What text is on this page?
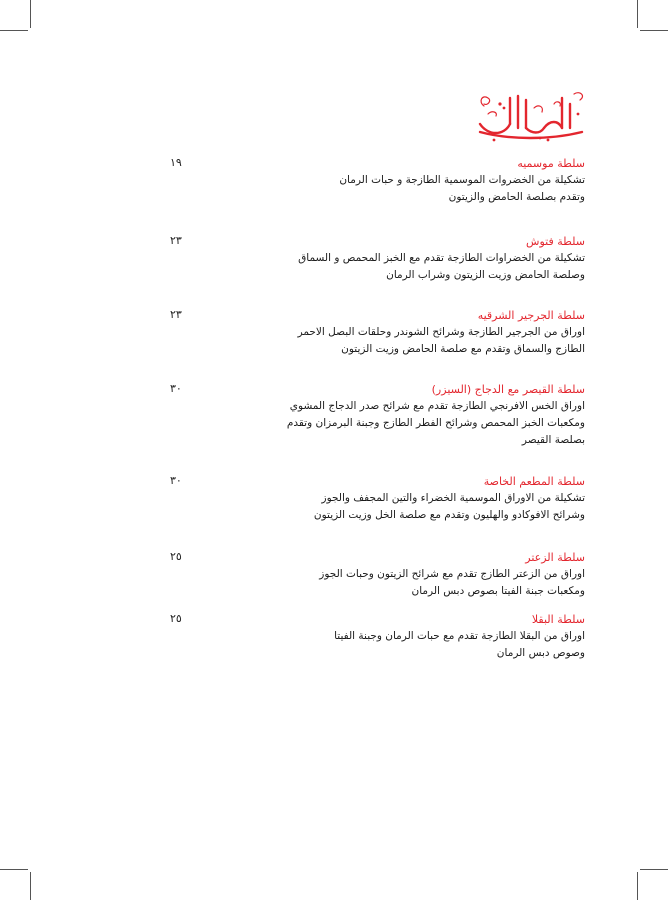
١٩	سلطة موسميه
تشكيلة من الخضروات الموسمية الطازجة و حبات الرمان
وتقدم بصلصة الحامض والزيتون
٢٣	سلطة فتوش
تشكيلة من الخضراوات الطازجة تقدم مع الخبز المحمص و السماق
وصلصة الحامض وزيت الزيتون وشراب الرمان
٢٣	سلطة الجرجير الشرقيه
اوراق من الجرجير الطازجة وشرائح الشوندر وحلقات البصل الاحمر
الطازج والسماق وتقدم مع صلصة الحامض وزيت الزيتون
٣٠	سلطة القيصر مع الدجاج (السيزر)
اوراق الخس الافرنجي الطازجة تقدم مع شرائح صدر الدجاج المشوي
ومكعبات الخبز المحمص وشرائح الفطر الطازج وجبنة البرمزان وتقدم
بصلصة القيصر
٣٠	سلطة المطعم الخاصة
تشكيلة من الاوراق الموسمية الخضراء والتين المجفف والجوز
وشرائح الافوكادو والهليون وتقدم مع صلصة الخل وزيت الزيتون
٢٥	سلطة الزعتر
اوراق من الزعتر الطازج تقدم مع شرائح الزيتون وحبات الجوز
ومكعبات جبنة الفيتا بصوص دبس الرمان
٢٥	سلطة البقلا
اوراق من البقلا الطازجة تقدم مع حبات الرمان وجبنة الفيتا
وصوص دبس الرمان
